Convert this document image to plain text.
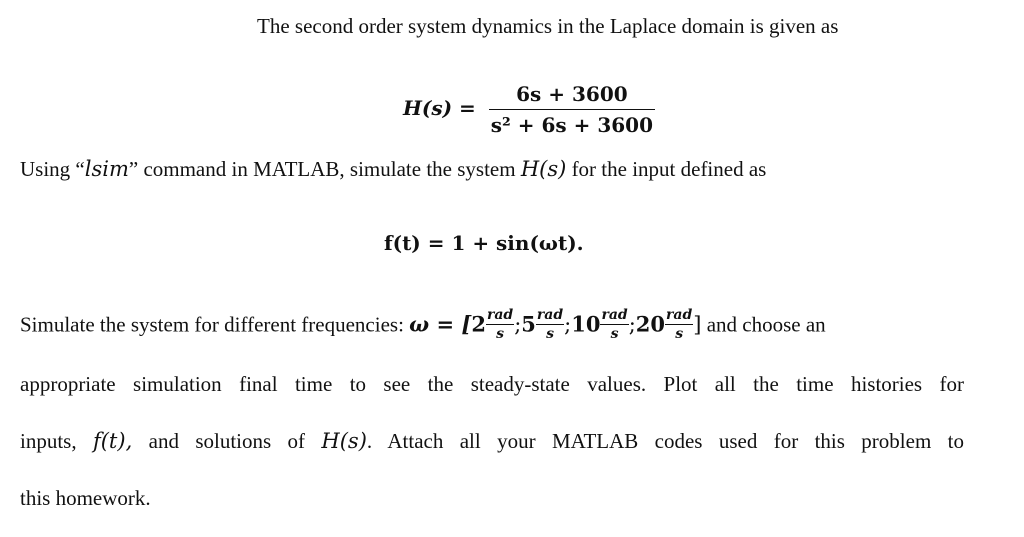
The second order system dynamics in the Laplace domain is given as
$H(s) = \frac{6s + 3600}{\text{s² + 6s + 3600}}$
Using “lsim” command in MATLAB, simulate the system H(s) for the input defined as
f(t) = 1 + sin(ωt).
Simulate the system for different frequencies: $\omega = [2 \frac{\text{rad}}{s}$ ;5 $\frac{\text{rad}}{s}$ ;10 $\frac{\text{rad}}{s}$ ;20 $\frac{\text{rad}}{s}$ ] and choose an
appropriate simulation final time to see the steady-state values. Plot all the time histories for
inputs, f(t), and solutions of H(s). Attach all your MATLAB codes used for this problem to
this homework.
